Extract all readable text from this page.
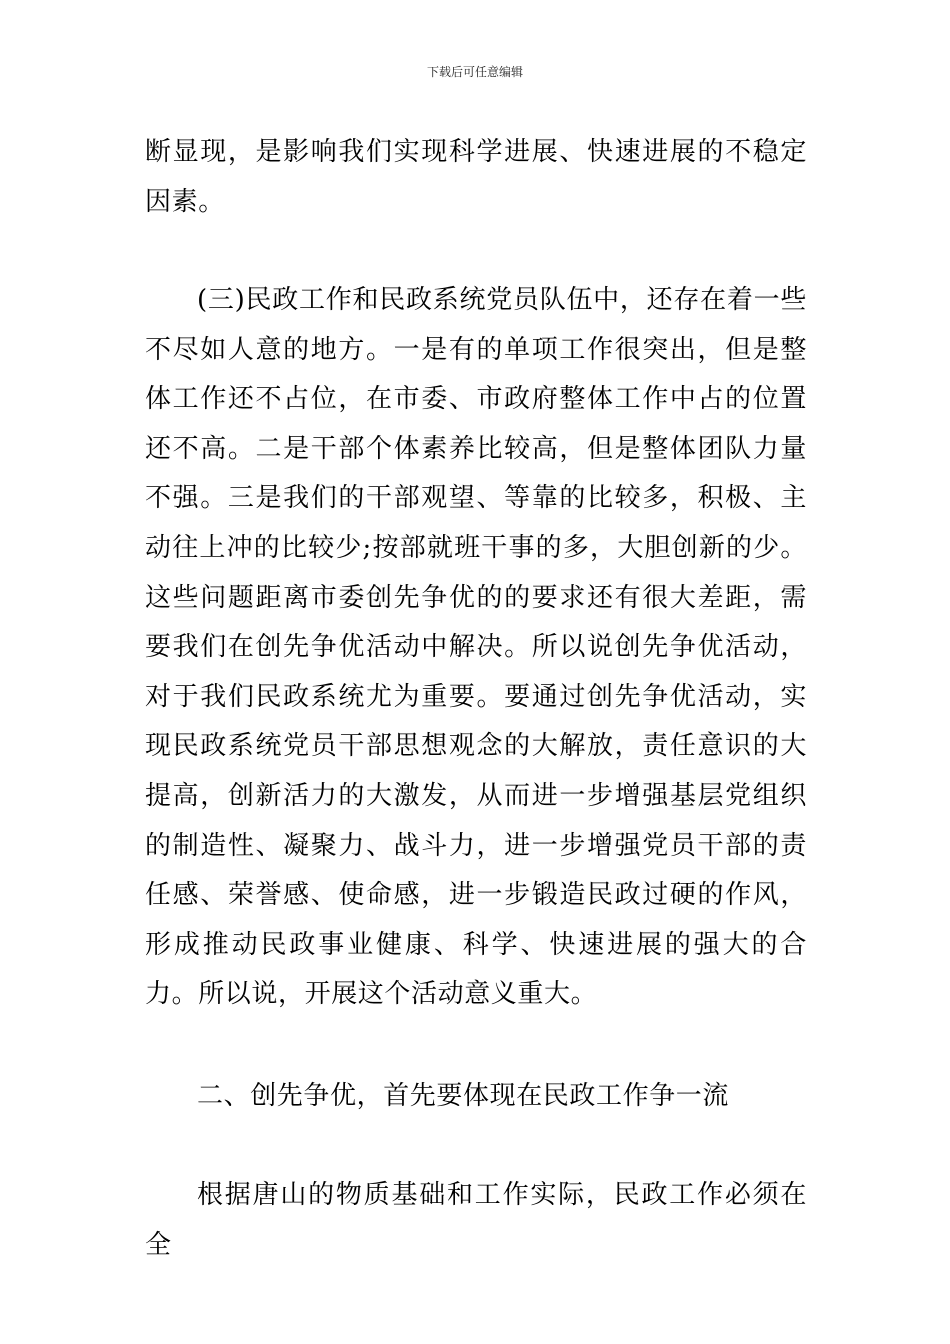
下载后可任意编辑

断显现，是影响我们实现科学进展、快速进展的不稳定因素。

(三)民政工作和民政系统党员队伍中，还存在着一些不尽如人意的地方。一是有的单项工作很突出，但是整体工作还不占位，在市委、市政府整体工作中占的位置还不高。二是干部个体素养比较高，但是整体团队力量不强。三是我们的干部观望、等靠的比较多，积极、主动往上冲的比较少;按部就班干事的多，大胆创新的少。这些问题距离市委创先争优的的要求还有很大差距，需要我们在创先争优活动中解决。所以说创先争优活动，对于我们民政系统尤为重要。要通过创先争优活动，实现民政系统党员干部思想观念的大解放，责任意识的大提高，创新活力的大激发，从而进一步增强基层党组织的制造性、凝聚力、战斗力，进一步增强党员干部的责任感、荣誉感、使命感，进一步锻造民政过硬的作风，形成推动民政事业健康、科学、快速进展的强大的合力。所以说，开展这个活动意义重大。

二、创先争优，首先要体现在民政工作争一流

根据唐山的物质基础和工作实际，民政工作必须在全
